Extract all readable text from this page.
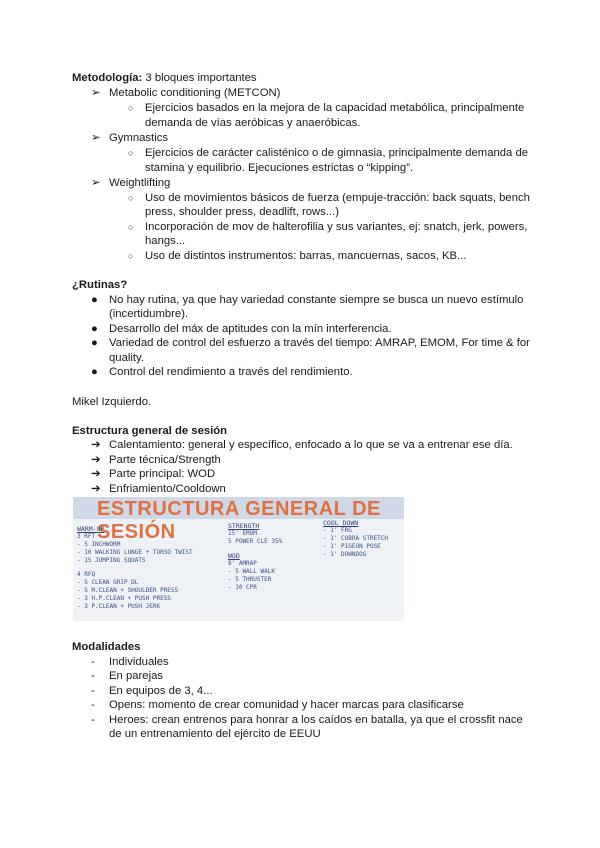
Metodología: 3 bloques importantes
➢ Metabolic conditioning (METCON)
○ Ejercicios basados en la mejora de la capacidad metabólica, principalmente
demanda de vías aeróbicas y anaeróbicas.
➢ Gymnastics
○ Ejercicios de carácter calisténico o de gimnasia, principalmente demanda de
stamina y equilibrio. Ejecuciones estrictas o “kipping”.
➢ Weightlifting
○ Uso de movimientos básicos de fuerza (empuje-tracción: back squats, bench
press, shoulder press, deadlift, rows...)
○ Incorporación de mov de halterofilia y sus variantes, ej: snatch, jerk, powers,
hangs...
○ Uso de distintos instrumentos: barras, mancuernas, sacos, KB...
¿Rutinas?
● No hay rutina, ya que hay variedad constante siempre se busca un nuevo estímulo
(incertidumbre).
● Desarrollo del máx de aptitudes con la mín interferencia.
● Variedad de control del esfuerzo a través del tiempo: AMRAP, EMOM, For time & for
quality.
● Control del rendimiento a través del rendimiento.
Mikel Izquierdo.
Estructura general de sesión
➔ Calentamiento: general y específico, enfocado a lo que se va a entrenar ese día.
➔ Parte técnica/Strength
➔ Parte principal: WOD
➔ Enfriamiento/Cooldown
ESTRUCTURA GENERAL DE SESIÓN
WARM-UP
3 RFT
- 5 INCHWORM
- 10 WALKING LUNGE + TORSO TWIST
- 15 JUMPING SQUATS
4 RFQ
- 5 CLEAN GRIP DL
- 5 M.CLEAN + SHOULDER PRESS
- 3 H.P.CLEAN + PUSH PRESS
- 3 P.CLEAN + PUSH JERK
STRENGTH
15' EMOM
5 POWER CLE 35%
WOD
8' AMRAP
- 5 WALL WALK
- 5 THRUSTER
- 10 CPR
COOL DOWN
- 1' FRG
- 1' COBRA STRETCH
- 1' PIGEON POSE
- 1' DOWNDOG
Modalidades
- Individuales
- En parejas
- En equipos de 3, 4...
- Opens: momento de crear comunidad y hacer marcas para clasificarse
- Heroes: crean entrenos para honrar a los caídos en batalla, ya que el crossfit nace
de un entrenamiento del ejército de EEUU
